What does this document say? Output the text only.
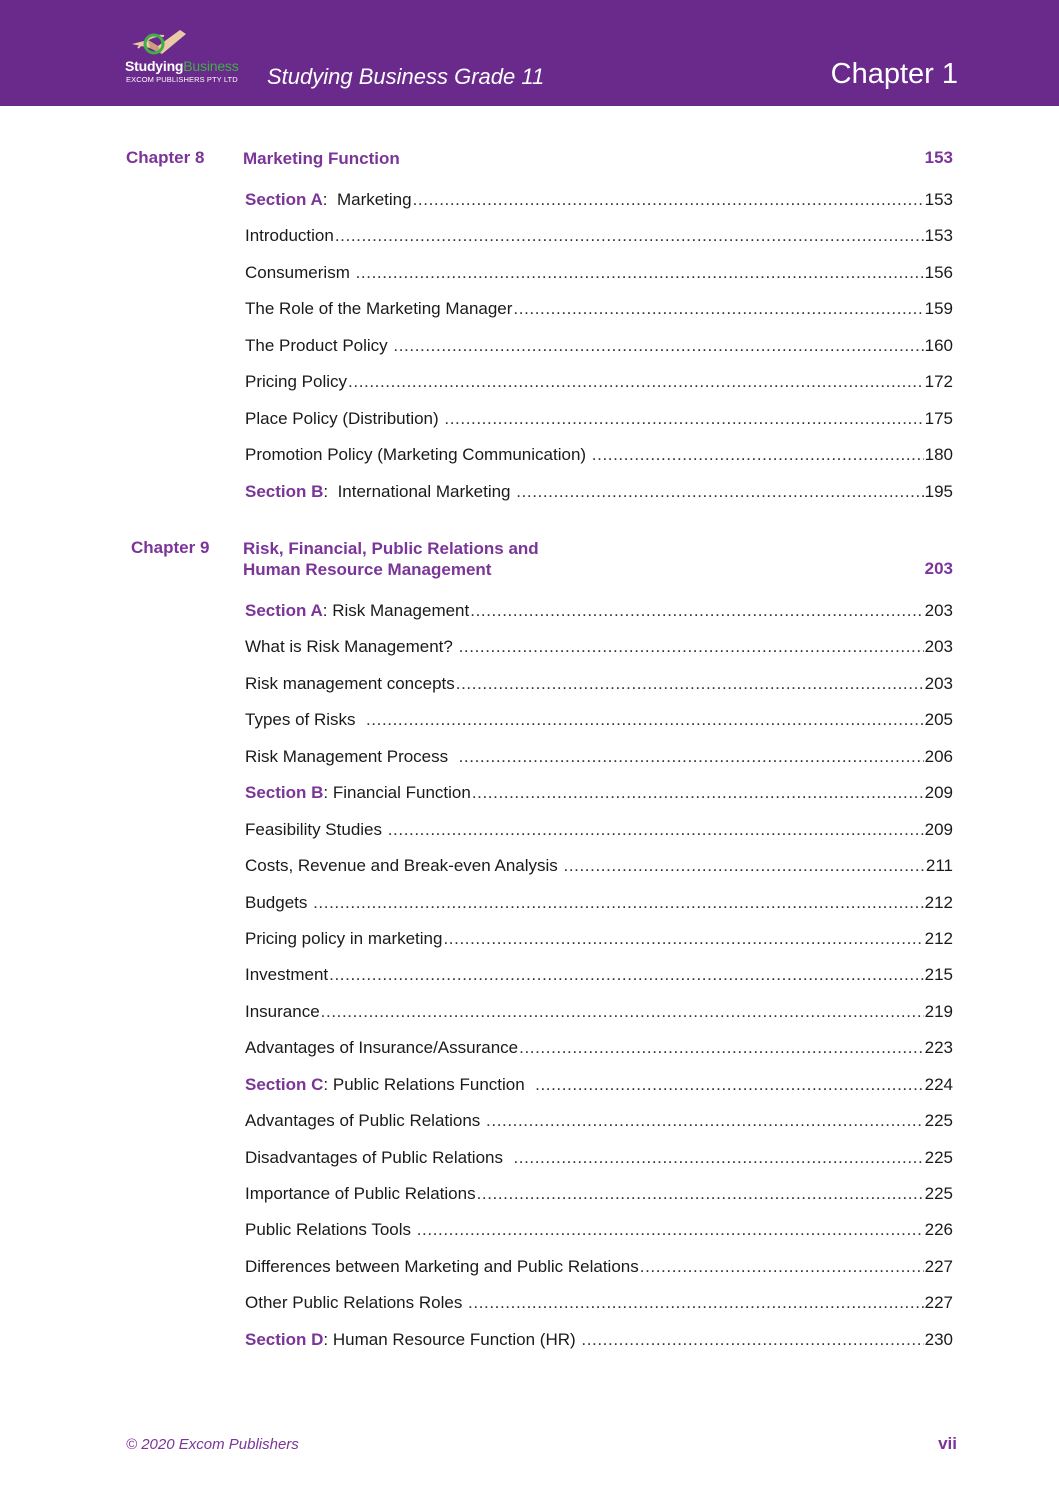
StudyingBusiness
EXCOM PUBLISHERS PTY LTD Studying Business Grade 11	Chapter 1
Chapter 8 Marketing Function	153
Section A:  Marketing .....	153
Introduction .....	153
Consumerism .....	156
The Role of the Marketing Manager .....	159
The Product Policy .....	160
Pricing Policy .....	172
Place Policy (Distribution) .....	175
Promotion Policy (Marketing Communication) .....	180
Section B:  International Marketing .....	195
Chapter 9 Risk, Financial, Public Relations and
Human Resource Management	203
Section A: Risk Management .....	203
What is Risk Management? .....	203
Risk management concepts .....	203
Types of Risks .....	205
Risk Management Process .....	206
Section B: Financial Function .....	209
Feasibility Studies .....	209
Costs, Revenue and Break-even Analysis .....	211
Budgets .....	212
Pricing policy in marketing .....	212
Investment .....	215
Insurance .....	219
Advantages of Insurance/Assurance .....	223
Section C: Public Relations Function .....	224
Advantages of Public Relations .....	225
Disadvantages of Public Relations .....	225
Importance of Public Relations .....	225
Public Relations Tools .....	226
Differences between Marketing and Public Relations .....	227
Other Public Relations Roles .....	227
Section D: Human Resource Function (HR) .....	230
© 2020 Excom Publishers	vii
